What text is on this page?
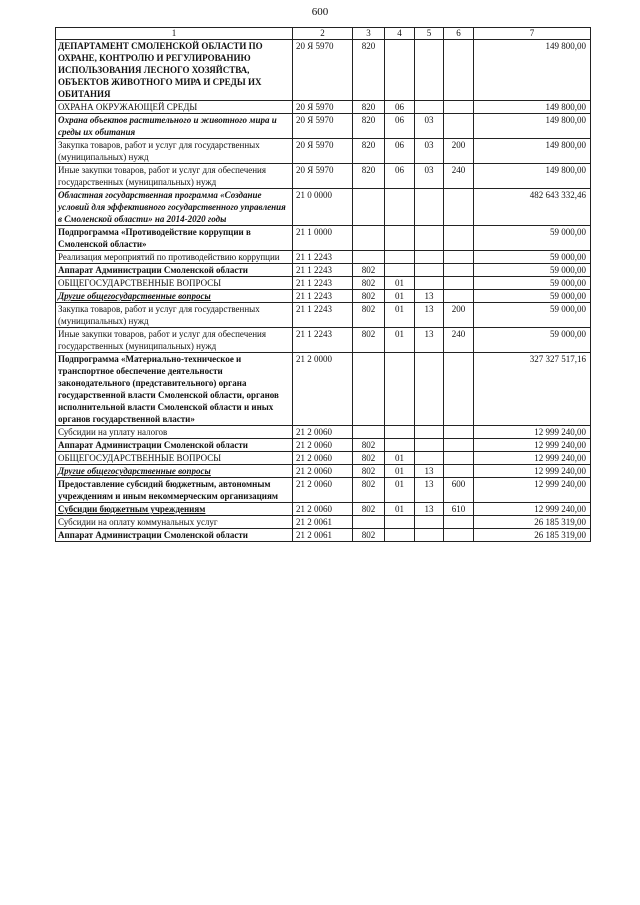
600
1	2	3	4	5	6	7
ДЕПАРТАМЕНТ СМОЛЕНСКОЙ ОБЛАСТИ ПО ОХРАНЕ, КОНТРОЛЮ И РЕГУЛИРОВАНИЮ ИСПОЛЬЗОВАНИЯ ЛЕСНОГО ХОЗЯЙСТВА, ОБЪЕКТОВ ЖИВОТНОГО МИРА И СРЕДЫ ИХ ОБИТАНИЯ	20 Я 5970	820				149 800,00
ОХРАНА ОКРУЖАЮЩЕЙ СРЕДЫ	20 Я 5970	820	06			149 800,00
Охрана объектов растительного и животного мира и среды их обитания	20 Я 5970	820	06	03		149 800,00
Закупка товаров, работ и услуг для государственных (муниципальных) нужд	20 Я 5970	820	06	03	200	149 800,00
Иные закупки товаров, работ и услуг для обеспечения государственных (муниципальных) нужд	20 Я 5970	820	06	03	240	149 800,00
Областная государственная программа «Создание условий для эффективного государственного управления в Смоленской области» на 2014-2020 годы	21 0 0000					482 643 332,46
Подпрограмма «Противодействие коррупции в Смоленской области»	21 1 0000					59 000,00
Реализация мероприятий по противодействию коррупции	21 1 2243					59 000,00
Аппарат Администрации Смоленской области	21 1 2243	802				59 000,00
ОБЩЕГОСУДАРСТВЕННЫЕ ВОПРОСЫ	21 1 2243	802	01			59 000,00
Другие общегосударственные вопросы	21 1 2243	802	01	13		59 000,00
Закупка товаров, работ и услуг для государственных (муниципальных) нужд	21 1 2243	802	01	13	200	59 000,00
Иные закупки товаров, работ и услуг для обеспечения государственных (муниципальных) нужд	21 1 2243	802	01	13	240	59 000,00
Подпрограмма «Материально-техническое и транспортное обеспечение деятельности законодательного (представительного) органа государственной власти Смоленской области, органов исполнительной власти Смоленской области и иных органов государственной власти»	21 2 0000					327 327 517,16
Субсидии на уплату налогов	21 2 0060					12 999 240,00
Аппарат Администрации Смоленской области	21 2 0060	802				12 999 240,00
ОБЩЕГОСУДАРСТВЕННЫЕ ВОПРОСЫ	21 2 0060	802	01			12 999 240,00
Другие общегосударственные вопросы	21 2 0060	802	01	13		12 999 240,00
Предоставление субсидий бюджетным, автономным учреждениям и иным некоммерческим организациям	21 2 0060	802	01	13	600	12 999 240,00
Субсидии бюджетным учреждениям	21 2 0060	802	01	13	610	12 999 240,00
Субсидии на оплату коммунальных услуг	21 2 0061					26 185 319,00
Аппарат Администрации Смоленской области	21 2 0061	802				26 185 319,00
